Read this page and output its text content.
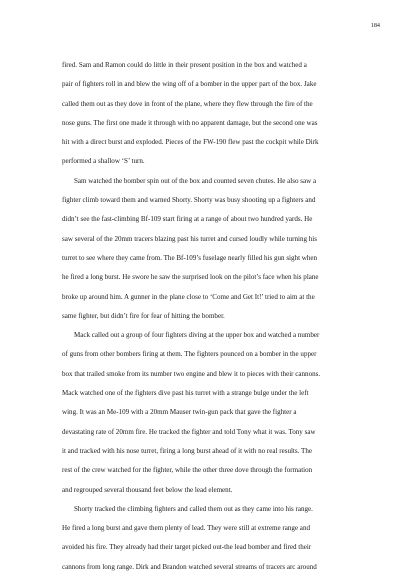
184

fired. Sam and Ramon could do little in their present position in the box and watched a
pair of fighters roll in and blew the wing off of a bomber in the upper part of the box. Jake
called them out as they dove in front of the plane, where they flew through the fire of the
nose guns. The first one made it through with no apparent damage, but the second one was
hit with a direct burst and exploded. Pieces of the FW-190 flew past the cockpit while Dirk
performed a shallow ‘S’ turn.
Sam watched the bomber spin out of the box and counted seven chutes. He also saw a
fighter climb toward them and warned Shorty. Shorty was busy shooting up a fighters and
didn’t see the fast-climbing Bf-109 start firing at a range of about two hundred yards. He
saw several of the 20mm tracers blazing past his turret and cursed loudly while turning his
turret to see where they came from. The Bf-109’s fuselage nearly filled his gun sight when
he fired a long burst. He swore he saw the surprised look on the pilot’s face when his plane
broke up around him. A gunner in the plane close to ‘Come and Get It!’ tried to aim at the
same fighter, but didn’t fire for fear of hitting the bomber.
Mack called out a group of four fighters diving at the upper box and watched a number
of guns from other bombers firing at them. The fighters pounced on a bomber in the upper
box that trailed smoke from its number two engine and blew it to pieces with their cannons.
Mack watched one of the fighters dive past his turret with a strange bulge under the left
wing. It was an Me-109 with a 20mm Mauser twin-gun pack that gave the fighter a
devastating rate of 20mm fire. He tracked the fighter and told Tony what it was. Tony saw
it and tracked with his nose turret, firing a long burst ahead of it with no real results. The
rest of the crew watched for the fighter, while the other three dove through the formation
and regrouped several thousand feet below the lead element.
Shorty tracked the climbing fighters and called them out as they came into his range.
He fired a long burst and gave them plenty of lead. They were still at extreme range and
avoided his fire. They already had their target picked out-the lead bomber and fired their
cannons from long range. Dirk and Brandon watched several streams of tracers arc around
